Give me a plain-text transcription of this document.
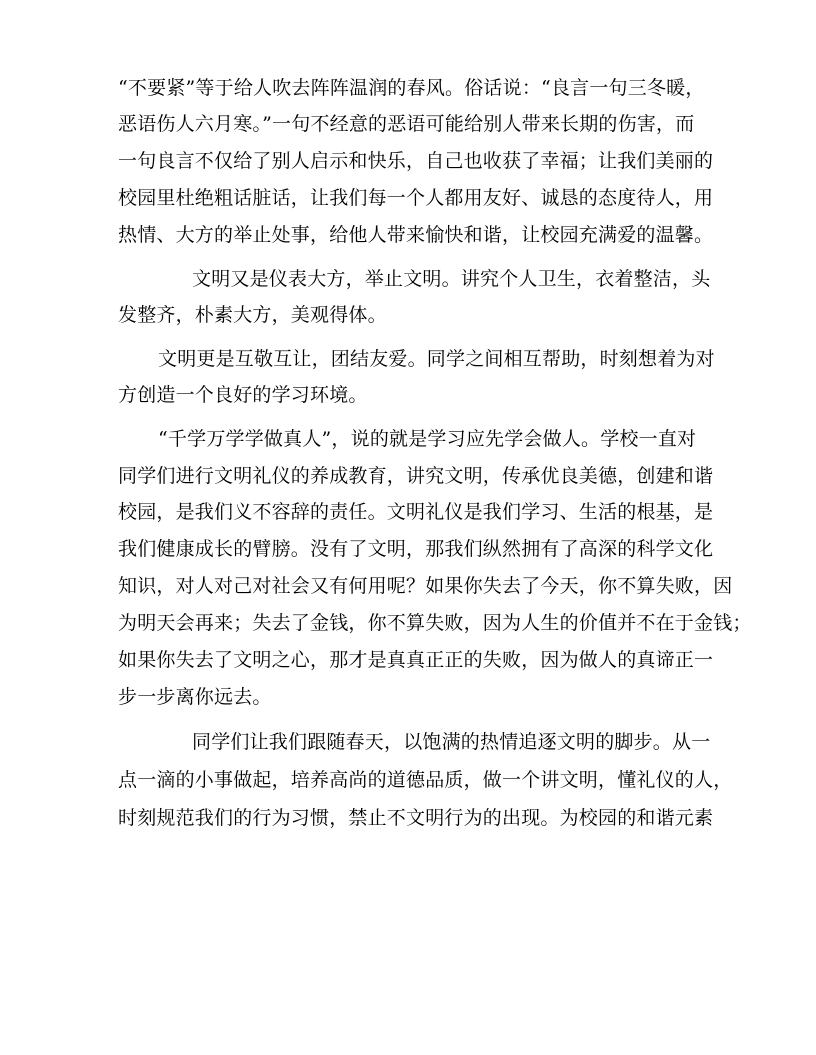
“不要紧”等于给人吹去阵阵温润的春风。俗话说：“良言一句三冬暖，
恶语伤人六月寒。”一句不经意的恶语可能给别人带来长期的伤害，而
一句良言不仅给了别人启示和快乐，自己也收获了幸福；让我们美丽的
校园里杜绝粗话脏话，让我们每一个人都用友好、诚恳的态度待人，用
热情、大方的举止处事，给他人带来愉快和谐，让校园充满爱的温馨。
文明又是仪表大方，举止文明。讲究个人卫生，衣着整洁，头
发整齐，朴素大方，美观得体。
文明更是互敬互让，团结友爱。同学之间相互帮助，时刻想着为对
方创造一个良好的学习环境。
“千学万学学做真人”，说的就是学习应先学会做人。学校一直对
同学们进行文明礼仪的养成教育，讲究文明，传承优良美德，创建和谐
校园，是我们义不容辞的责任。文明礼仪是我们学习、生活的根基，是
我们健康成长的臂膀。没有了文明，那我们纵然拥有了高深的科学文化
知识，对人对己对社会又有何用呢？如果你失去了今天，你不算失败，因
为明天会再来；失去了金钱，你不算失败，因为人生的价值并不在于金钱；
如果你失去了文明之心，那才是真真正正的失败，因为做人的真谛正一
步一步离你远去。
同学们让我们跟随春天，以饱满的热情追逐文明的脚步。从一
点一滴的小事做起，培养高尚的道德品质，做一个讲文明，懂礼仪的人，
时刻规范我们的行为习惯，禁止不文明行为的出现。为校园的和谐元素
